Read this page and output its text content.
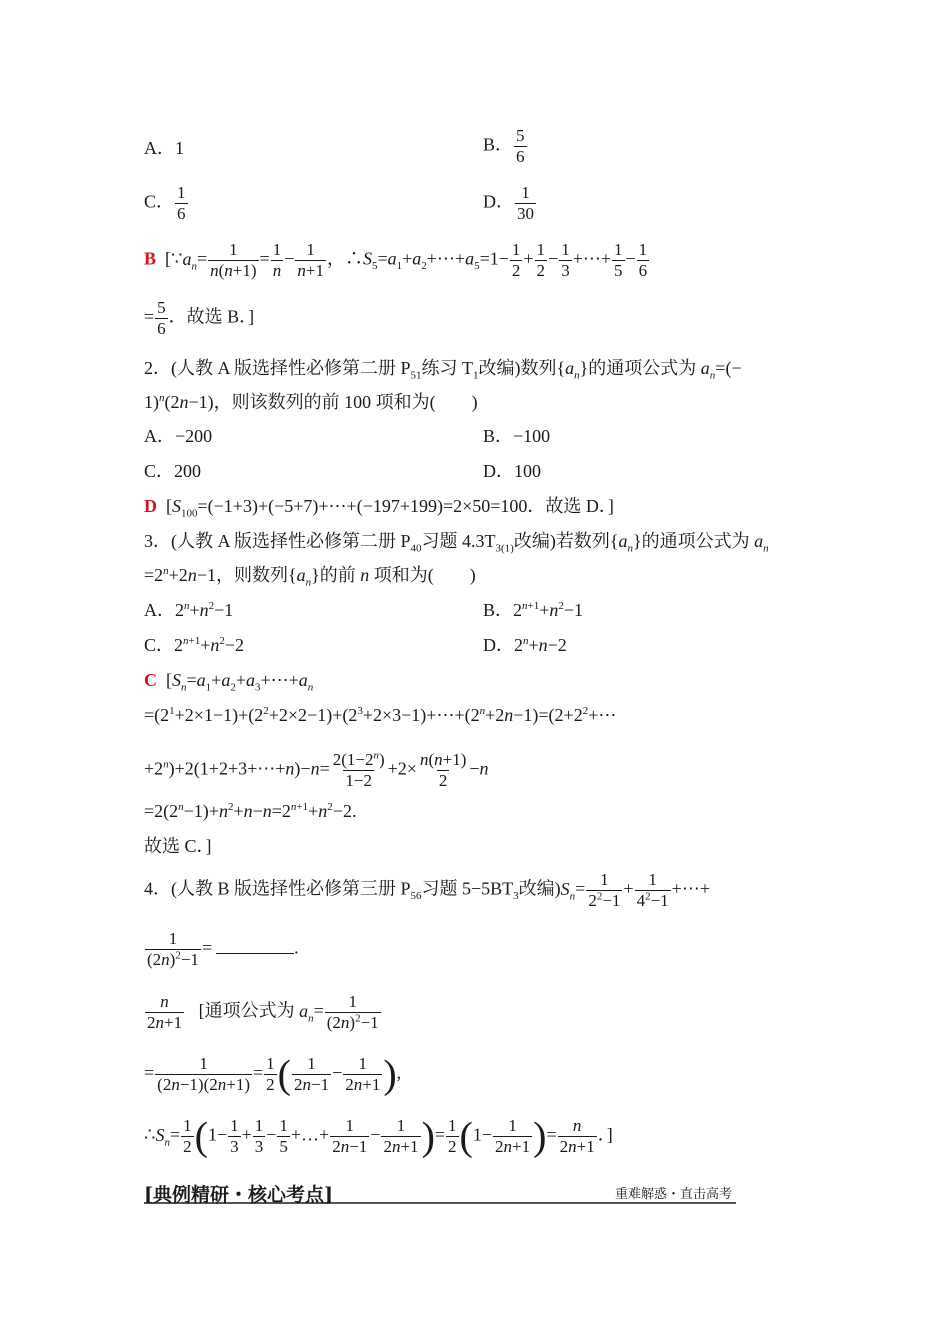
A．1	B． $\frac{5}{6}$
C． $\frac{1}{6}$	D． $\frac{1}{30}$
B  [$\because a_n= \frac{1}{n(n+1)} = \frac{1}{n} - \frac{1}{n+1}$ ，$\therefore S_5=a_1+a_2+\cdots+a_5=1- \frac{1}{2} + \frac{1}{2} - \frac{1}{3}$ +⋯+ $\frac{1}{5} - \frac{1}{6}$
= $\frac{5}{6}$ ．故选 B．]
2．(人教 A 版选择性必修第二册 $P_{51}$练习 $T_1$改编)数列$\{a_n\}$的通项公式为 $a_n=(-$
1)$^n$(2n−1)，则该数列的前 100 项和为(　　)
A．−200	B．−100
C．200	D．100
D  [$S_{100}=(-1+3)+(-5+7)+\cdots+(-197+199)=2\times 50=100$．故选 D．]
3．(人教 A 版选择性必修第二册 $P_{40}$习题 $4.3T_{3(1)}$改编)若数列$\{a_n\}$的通项公式为 $a_n$
$=2^n+2n-1$，则数列$\{a_n\}$的前 n 项和为(　　)
A．$2^n+n^2-1$	B．$2^{n+1}+n^2-1$
C．$2^{n+1}+n^2-2$	D．$2^n+n-2$
C  [$S_n=a_1+a_2+a_3+\cdots+a_n$
$=(2^1+2\times 1-1)+(2^2+2\times 2-1)+(2^3+2\times 3-1)+\cdots+(2^n+2n-1)=(2+2^2+\cdots$
$+2^n)+2(1+2+3+\cdots+n)-n= \frac{2(1-2^n)}{1-2} +2\times \frac{n(n+1)}{2} -n$
$=2(2^n-1)+n^2+n-n=2^{n+1}+n^2-2$.
故选 C．]
4．(人教 B 版选择性必修第三册 $P_{56}$习题 $5-5BT_3$改编)$S_n= \frac{1}{2^2-1} + \frac{1}{4^2-1}$ +⋯+
$\frac{1}{(2n)^2-1}$ =	.
$\frac{n}{2n+1}$ [通项公式为 $a_n= \frac{1}{(2n)^2-1}$
= $\frac{1}{(2n-1)(2n+1)} = \frac{1}{2}$ ( $\frac{1}{2n-1} - \frac{1}{2n+1}$ ),
$\therefore S_n= \frac{1}{2} (1- \frac{1}{3} + \frac{1}{3} - \frac{1}{5}$ +…+ $\frac{1}{2n-1} - \frac{1}{2n+1}$ )= $\frac{1}{2} (1- \frac{1}{2n+1}$ )= $\frac{n}{2n+1}$ ．]
[典例精研・核心考点]	重难解惑・直击高考
